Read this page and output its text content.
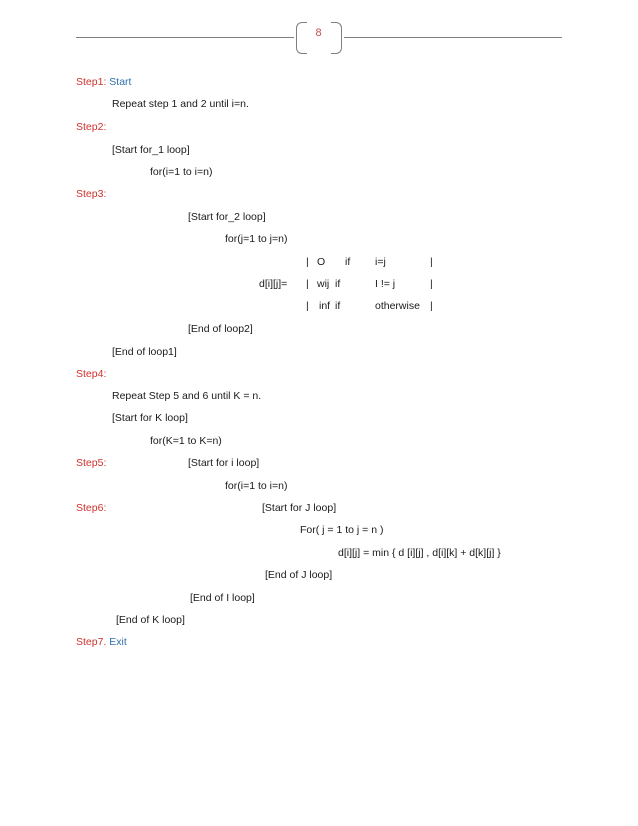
8
Step1: Start
Repeat step 1 and 2 until i=n.
Step2:
[Start for_1 loop]
for(i=1 to i=n)
Step3:
[Start for_2 loop]
for(j=1 to j=n)
| O if i=j	|
d[i][j]= | wij if	I != j	|
| inf if	otherwise |
[End of loop2]
[End of loop1]
Step4:
Repeat Step 5 and 6 until K = n.
[Start for K loop]
for(K=1 to K=n)
Step5:	[Start for i loop]
for(i=1 to i=n)
Step6:	[Start for J loop]
For( j = 1 to j = n )
d[i][j] = min { d [i][j] , d[i][k] + d[k][j] }
[End of J loop]
[End of I loop]
[End of K loop]
Step7. Exit
